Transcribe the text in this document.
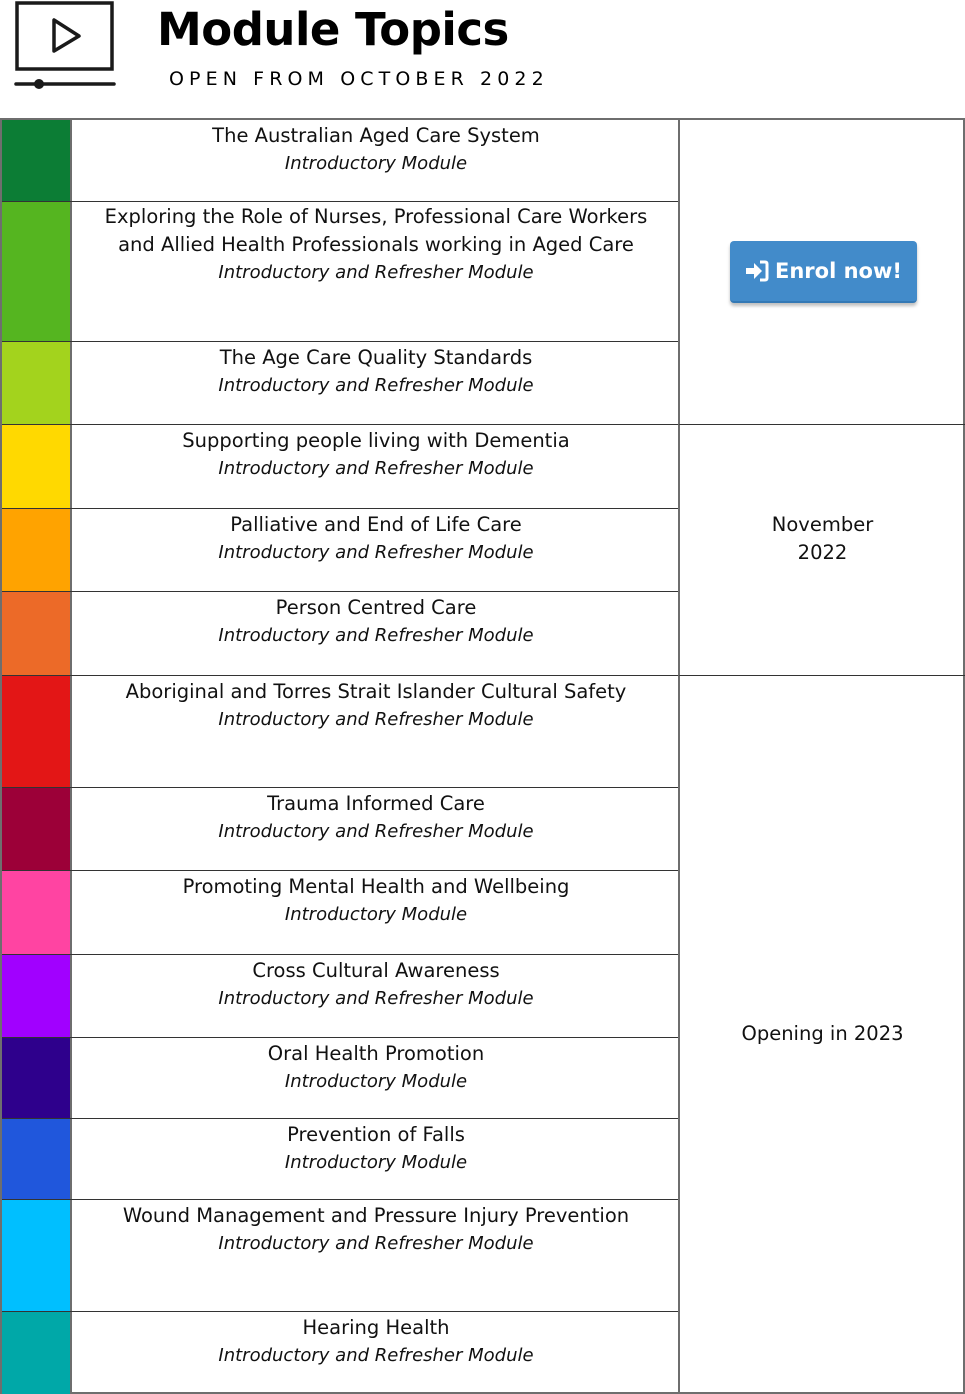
Module Topics
OPEN FROM OCTOBER 2022
The Australian Aged Care System
Introductory Module
Exploring the Role of Nurses, Professional Care Workers and Allied Health Professionals working in Aged Care
Introductory and Refresher Module
The Age Care Quality Standards
Introductory and Refresher Module
Supporting people living with Dementia
Introductory and Refresher Module
Palliative and End of Life Care
Introductory and Refresher Module
Person Centred Care
Introductory and Refresher Module
Aboriginal and Torres Strait Islander Cultural Safety
Introductory and Refresher Module
Trauma Informed Care
Introductory and Refresher Module
Promoting Mental Health and Wellbeing
Introductory Module
Cross Cultural Awareness
Introductory and Refresher Module
Oral Health Promotion
Introductory Module
Prevention of Falls
Introductory Module
Wound Management and Pressure Injury Prevention
Introductory and Refresher Module
Hearing Health
Introductory and Refresher Module
Enrol now!
November
2022
Opening in 2023
